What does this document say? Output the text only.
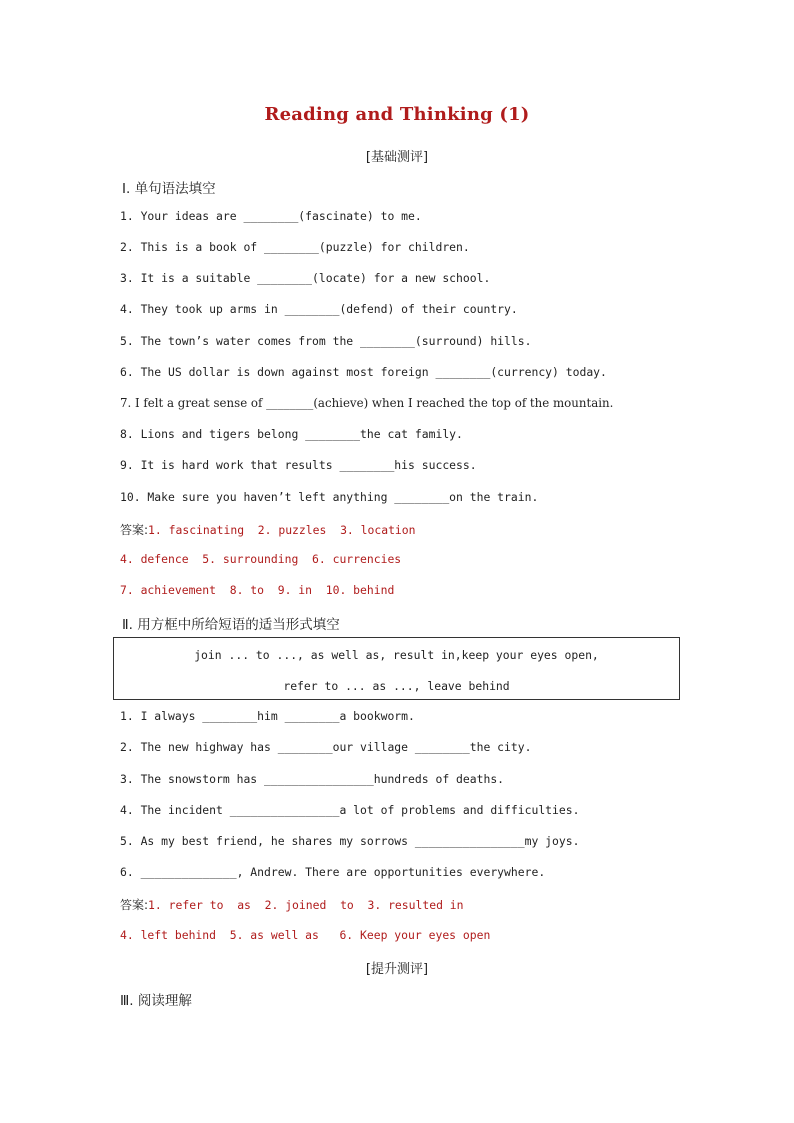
Reading and Thinking (1)
[基础测评]
Ⅰ. 单句语法填空
1. Your ideas are ________(fascinate) to me.
2. This is a book of ________(puzzle) for children.
3. It is a suitable ________(locate) for a new school.
4. They took up arms in ________(defend) of their country.
5. The town’s water comes from the ________(surround) hills.
6. The US dollar is down against most foreign ________(currency) today.
7. I felt a great sense of ________(achieve) when I reached the top of the mountain.
8. Lions and tigers belong ________the cat family.
9. It is hard work that results ________his success.
10. Make sure you haven’t left anything ________on the train.
答案:1. fascinating  2. puzzles  3. location
4. defence  5. surrounding  6. currencies
7. achievement  8. to  9. in  10. behind
Ⅱ. 用方框中所给短语的适当形式填空
join ... to ..., as well as, result in,keep your eyes open,
refer to ... as ..., leave behind
1. I always ________him ________a bookworm.
2. The new highway has ________our village ________the city.
3. The snowstorm has ________________hundreds of deaths.
4. The incident ________________a lot of problems and difficulties.
5. As my best friend, he shares my sorrows ________________my joys.
6. ______________, Andrew. There are opportunities everywhere.
答案:1. refer to  as  2. joined  to  3. resulted in
4. left behind  5. as well as   6. Keep your eyes open
[提升测评]
Ⅲ. 阅读理解
